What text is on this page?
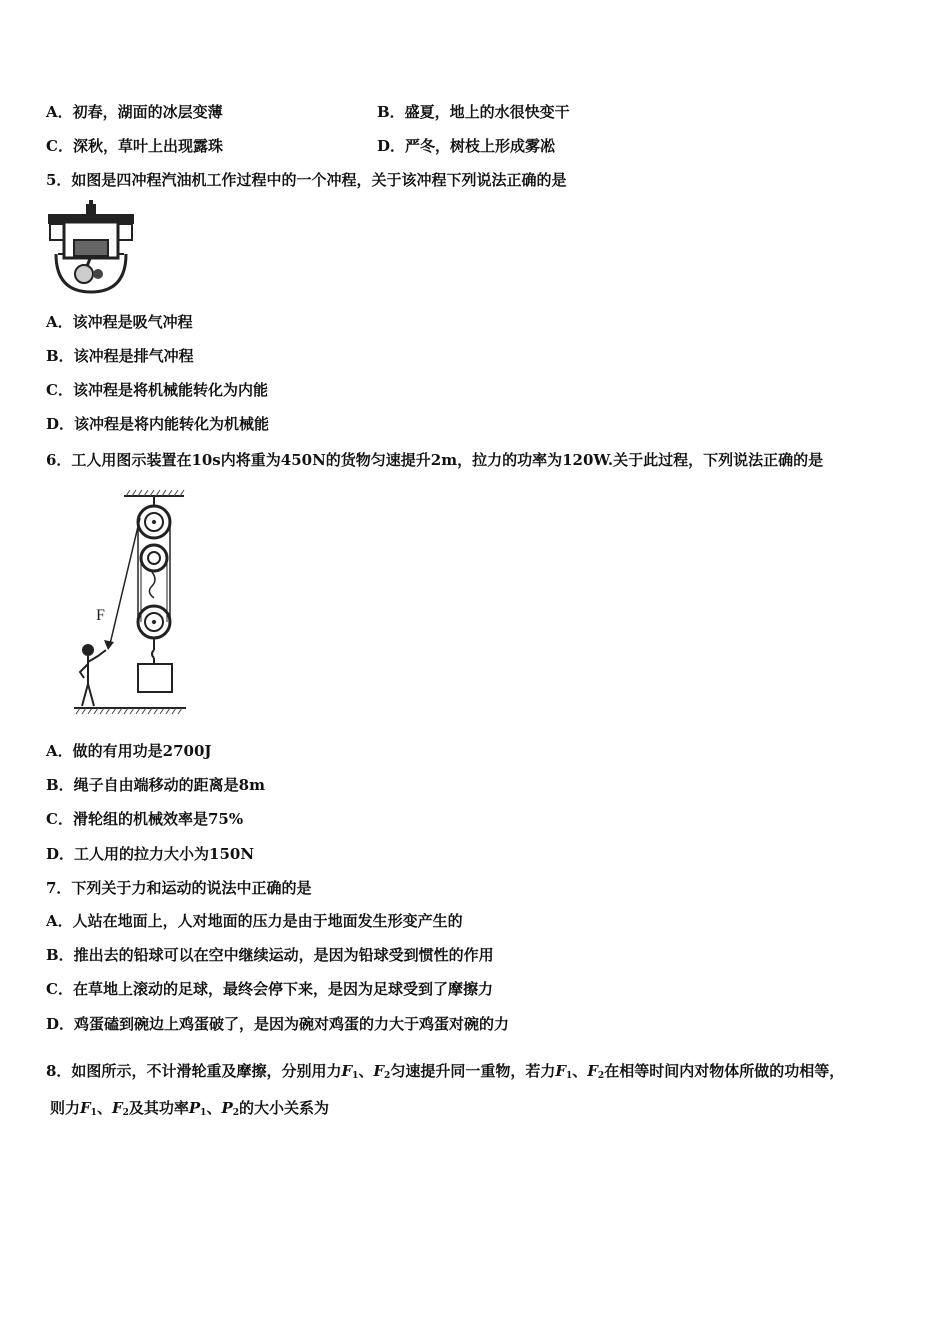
A．初春，湖面的冰层变薄	B．盛夏，地上的水很快变干
C．深秋，草叶上出现露珠	D．严冬，树枝上形成雾凇
5．如图是四冲程汽油机工作过程中的一个冲程，关于该冲程下列说法正确的是
A．该冲程是吸气冲程
B．该冲程是排气冲程
C．该冲程是将机械能转化为内能
D．该冲程是将内能转化为机械能
6．工人用图示装置在10s内将重为450N的货物匀速提升2m，拉力的功率为120W.关于此过程，下列说法正确的是
F
A．做的有用功是2700J
B．绳子自由端移动的距离是8m
C．滑轮组的机械效率是75%
D．工人用的拉力大小为150N
7．下列关于力和运动的说法中正确的是
A．人站在地面上，人对地面的压力是由于地面发生形变产生的
B．推出去的铅球可以在空中继续运动，是因为铅球受到惯性的作用
C．在草地上滚动的足球，最终会停下来，是因为足球受到了摩擦力
D．鸡蛋磕到碗边上鸡蛋破了，是因为碗对鸡蛋的力大于鸡蛋对碗的力
8．如图所示，不计滑轮重及摩擦，分别用力$F_1$、$F_2$匀速提升同一重物，若力$F_1$、$F_2$在相等时间内对物体所做的功相等，
则力$F_1$、$F_2$及其功率$P_1$、$P_2$的大小关系为
